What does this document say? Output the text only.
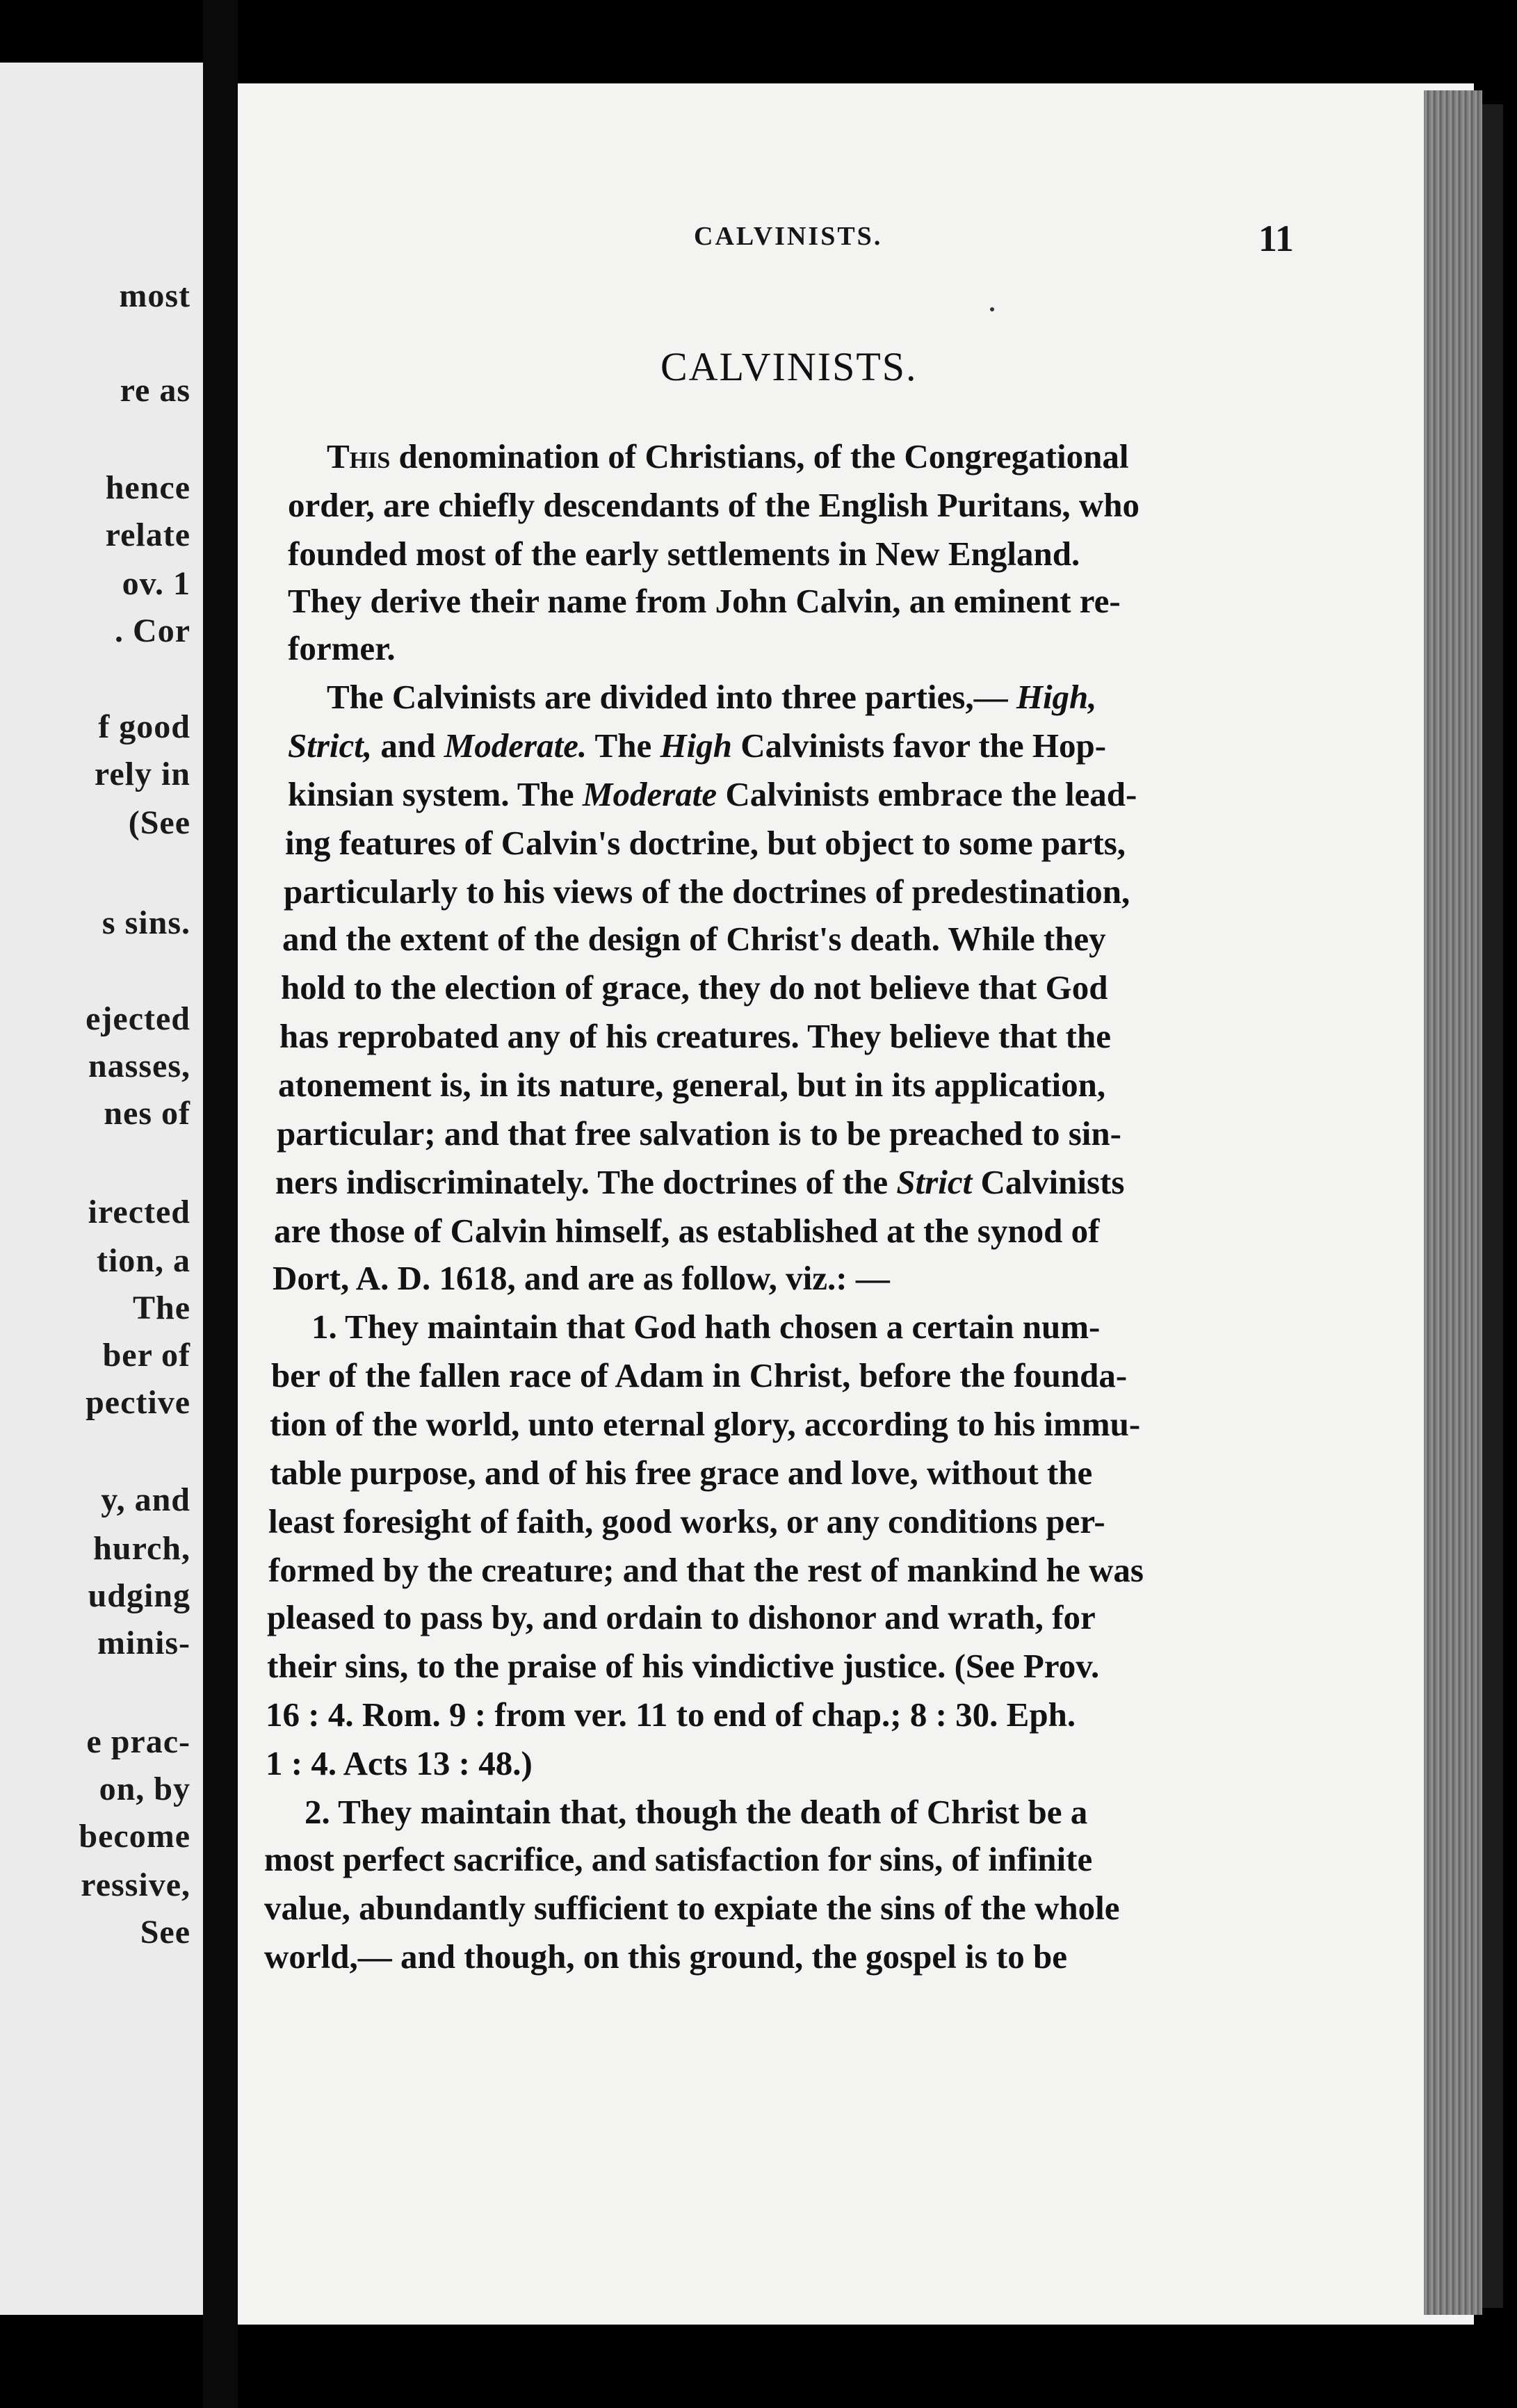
most
re as
hence
relate
ov. 1
. Cor
f good
rely in
(See
s sins.
ejected
nasses,
nes of
irected
tion, a
The
ber of
pective
y, and
hurch,
udging
minis-
e prac-
on, by
become
ressive,
See
CALVINISTS.	11
CALVINISTS.
This denomination of Christians, of the Congregational
order, are chiefly descendants of the English Puritans, who
founded most of the early settlements in New England.
They derive their name from John Calvin, an eminent re-
former.
The Calvinists are divided into three parties,— High,
Strict, and Moderate. The High Calvinists favor the Hop-
kinsian system. The Moderate Calvinists embrace the lead-
ing features of Calvin's doctrine, but object to some parts,
particularly to his views of the doctrines of predestination,
and the extent of the design of Christ's death. While they
hold to the election of grace, they do not believe that God
has reprobated any of his creatures. They believe that the
atonement is, in its nature, general, but in its application,
particular; and that free salvation is to be preached to sin-
ners indiscriminately. The doctrines of the Strict Calvinists
are those of Calvin himself, as established at the synod of
Dort, A. D. 1618, and are as follow, viz.: —
1. They maintain that God hath chosen a certain num-
ber of the fallen race of Adam in Christ, before the founda-
tion of the world, unto eternal glory, according to his immu-
table purpose, and of his free grace and love, without the
least foresight of faith, good works, or any conditions per-
formed by the creature; and that the rest of mankind he was
pleased to pass by, and ordain to dishonor and wrath, for
their sins, to the praise of his vindictive justice. (See Prov.
16 : 4. Rom. 9 : from ver. 11 to end of chap.; 8 : 30. Eph.
1 : 4. Acts 13 : 48.)
2. They maintain that, though the death of Christ be a
most perfect sacrifice, and satisfaction for sins, of infinite
value, abundantly sufficient to expiate the sins of the whole
world,— and though, on this ground, the gospel is to be
